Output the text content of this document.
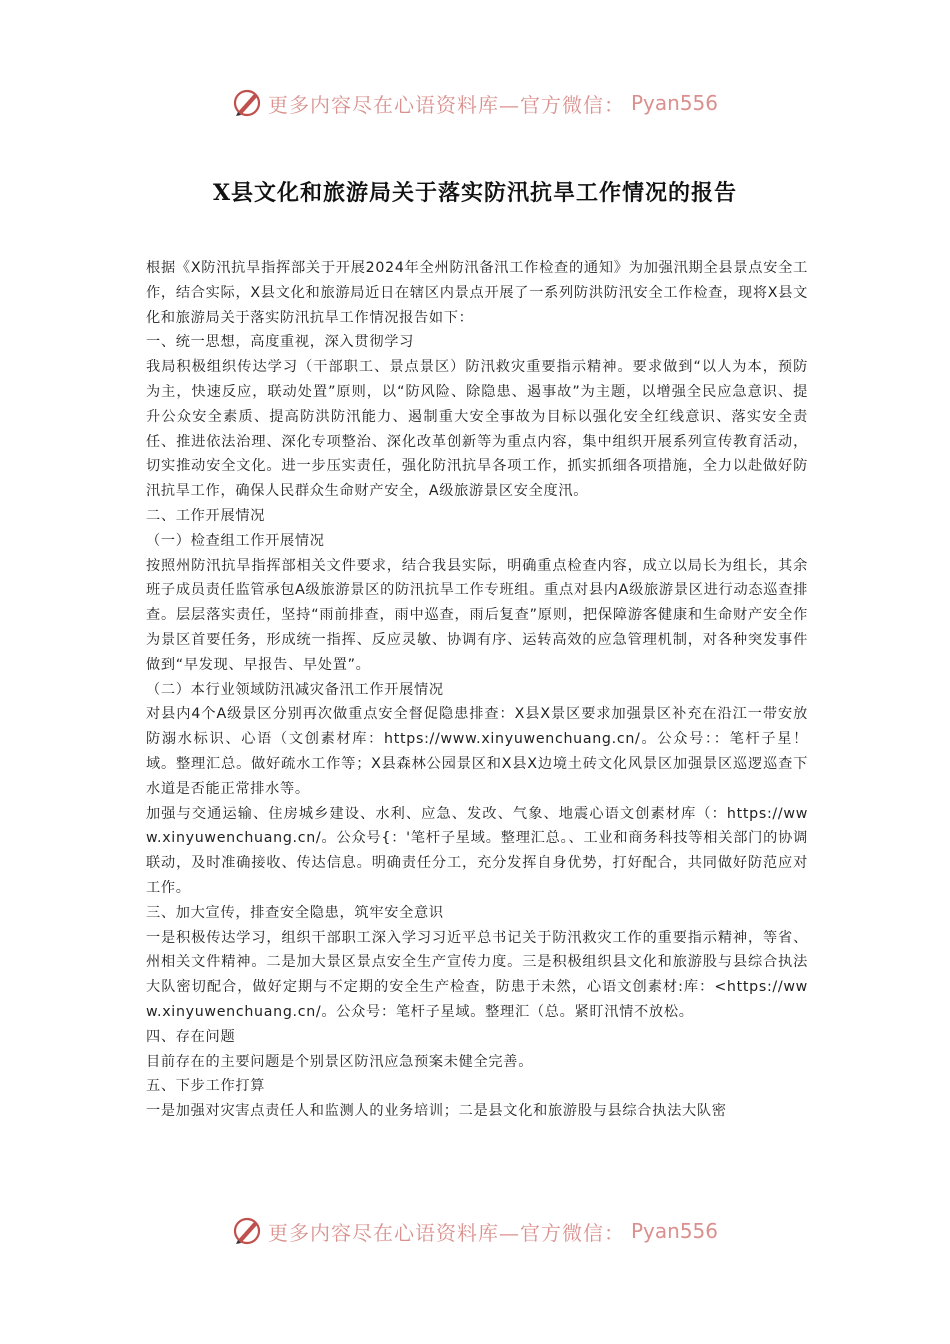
更多内容尽在心语资料库—官方微信： Pyan556
X县文化和旅游局关于落实防汛抗旱工作情况的报告

根据《X防汛抗旱指挥部关于开展2024年全州防汛备汛工作检查的通知》为加强汛期全县景点安全工作，结合实际，X县文化和旅游局近日在辖区内景点开展了一系列防洪防汛安全工作检查，现将X县文化和旅游局关于落实防汛抗旱工作情况报告如下：

一、统一思想，高度重视，深入贯彻学习

我局积极组织传达学习（干部职工、景点景区）防汛救灾重要指示精神。要求做到“以人为本，预防为主，快速反应，联动处置”原则，以“防风险、除隐患、遏事故”为主题，以增强全民应急意识、提升公众安全素质、提高防洪防汛能力、遏制重大安全事故为目标以强化安全红线意识、落实安全责任、推进依法治理、深化专项整治、深化改革创新等为重点内容，集中组织开展系列宣传教育活动，切实推动安全文化。进一步压实责任，强化防汛抗旱各项工作，抓实抓细各项措施，全力以赴做好防汛抗旱工作，确保人民群众生命财产安全，A级旅游景区安全度汛。

二、工作开展情况

（一）检查组工作开展情况

按照州防汛抗旱指挥部相关文件要求，结合我县实际，明确重点检查内容，成立以局长为组长，其余班子成员责任监管承包A级旅游景区的防汛抗旱工作专班组。重点对县内A级旅游景区进行动态巡查排查。层层落实责任，坚持“雨前排查，雨中巡查，雨后复查”原则，把保障游客健康和生命财产安全作为景区首要任务，形成统一指挥、反应灵敏、协调有序、运转高效的应急管理机制，对各种突发事件做到“早发现、早报告、早处置”。

（二）本行业领域防汛减灾备汛工作开展情况

对县内4个A级景区分别再次做重点安全督促隐患排查：X县X景区要求加强景区补充在沿江一带安放防溺水标识、心语（文创素材库：https://www.xinyuwenchuang.cn/。公众号：：笔杆子星！域。整理汇总。做好疏水工作等；X县森林公园景区和X县X边境土砖文化风景区加强景区巡逻巡查下水道是否能正常排水等。

加强与交通运输、住房城乡建设、水利、应急、发改、气象、地震心语文创素材库（：https://www.xinyuwenchuang.cn/。公众号{：'笔杆子星域。整理汇总。、工业和商务科技等相关部门的协调联动，及时准确接收、传达信息。明确责任分工，充分发挥自身优势，打好配合，共同做好防范应对工作。

三、加大宣传，排查安全隐患，筑牢安全意识

一是积极传达学习，组织干部职工深入学习习近平总书记关于防汛救灾工作的重要指示精神，等省、州相关文件精神。二是加大景区景点安全生产宣传力度。三是积极组织县文化和旅游股与县综合执法大队密切配合，做好定期与不定期的安全生产检查，防患于未然，心语文创素材:库：<https://www.xinyuwenchuang.cn/。公众号：笔杆子星域。整理汇（总。紧盯汛情不放松。

四、存在问题

目前存在的主要问题是个别景区防汛应急预案未健全完善。

五、下步工作打算

一是加强对灾害点责任人和监测人的业务培训；二是县文化和旅游股与县综合执法大队密

更多内容尽在心语资料库—官方微信： Pyan556
